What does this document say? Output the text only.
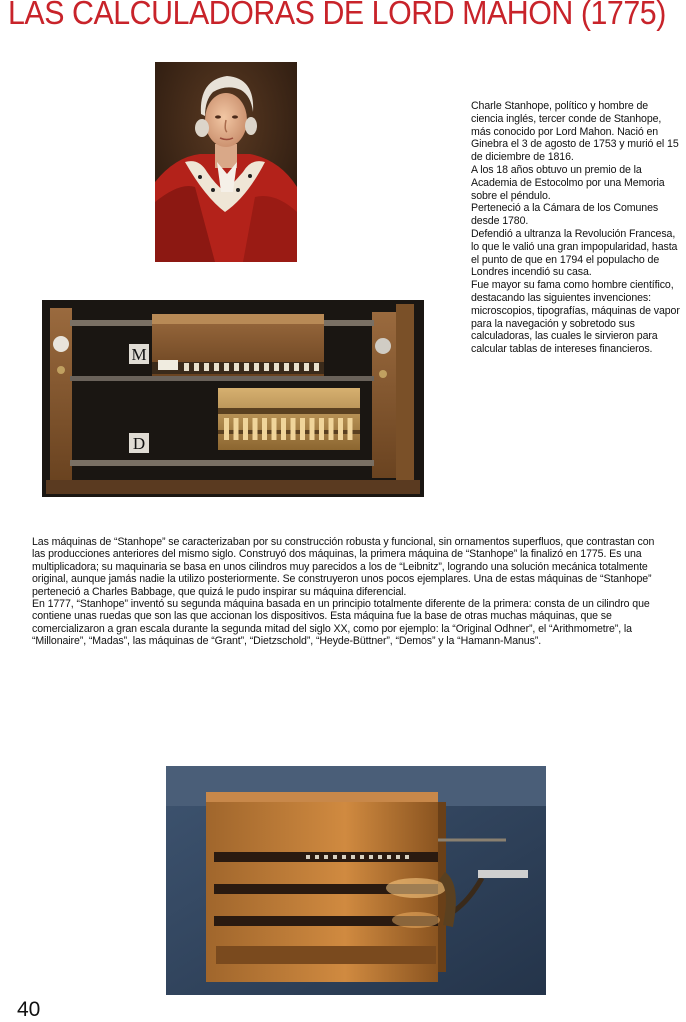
LAS CALCULADORAS DE LORD MAHON (1775)

Charle Stanhope, político y hombre de ciencia inglés, tercer conde de Stanhope, más conocido por Lord Mahon. Nació en Ginebra el 3 de agosto de 1753 y murió el 15 de diciembre de 1816.

A los 18 años obtuvo un premio de la Academia de Estocolmo por una Memoria sobre el péndulo.

Perteneció a la Cámara de los Comunes desde 1780.

Defendió a ultranza la Revolución Francesa, lo que le valió una gran impopularidad, hasta el punto de que en 1794 el populacho de Londres incendió su casa.

Fue mayor su fama como hombre científico, destacando las siguientes invenciones: microscopios, tipografías, máquinas de vapor para la navegación y sobretodo sus calculadoras, las cuales le sirvieron para calcular tablas de intereses financieros.

M
D

Las máquinas de “Stanhope” se caracterizaban por su construcción robusta y funcional, sin ornamentos superfluos, que contrastan con las producciones anteriores del mismo siglo. Construyó dos máquinas, la primera máquina de “Stanhope” la finalizó en 1775. Es una multiplicadora; su maquinaria se basa en unos cilindros muy parecidos a los de “Leibnitz”, logrando una solución mecánica totalmente original, aunque jamás nadie la utilizo posteriormente. Se construyeron unos pocos ejemplares. Una de estas máquinas de “Stanhope” perteneció a Charles Babbage, que quizá le pudo inspirar su máquina diferencial.

En 1777, “Stanhope” inventó su segunda máquina basada en un principio totalmente diferente de la primera: consta de un cilindro que contiene unas ruedas que son las que accionan los dispositivos. Esta máquina fue la base de otras muchas máquinas, que se comercializaron a gran escala durante la segunda mitad del siglo XX, como por ejemplo: la “Original Odhner”, el “Arithmometre”, la “Millonaire”, “Madas”, las máquinas de “Grant”, “Dietzschold”, “Heyde-Büttner”, “Demos” y la “Hamann-Manus”.

40
